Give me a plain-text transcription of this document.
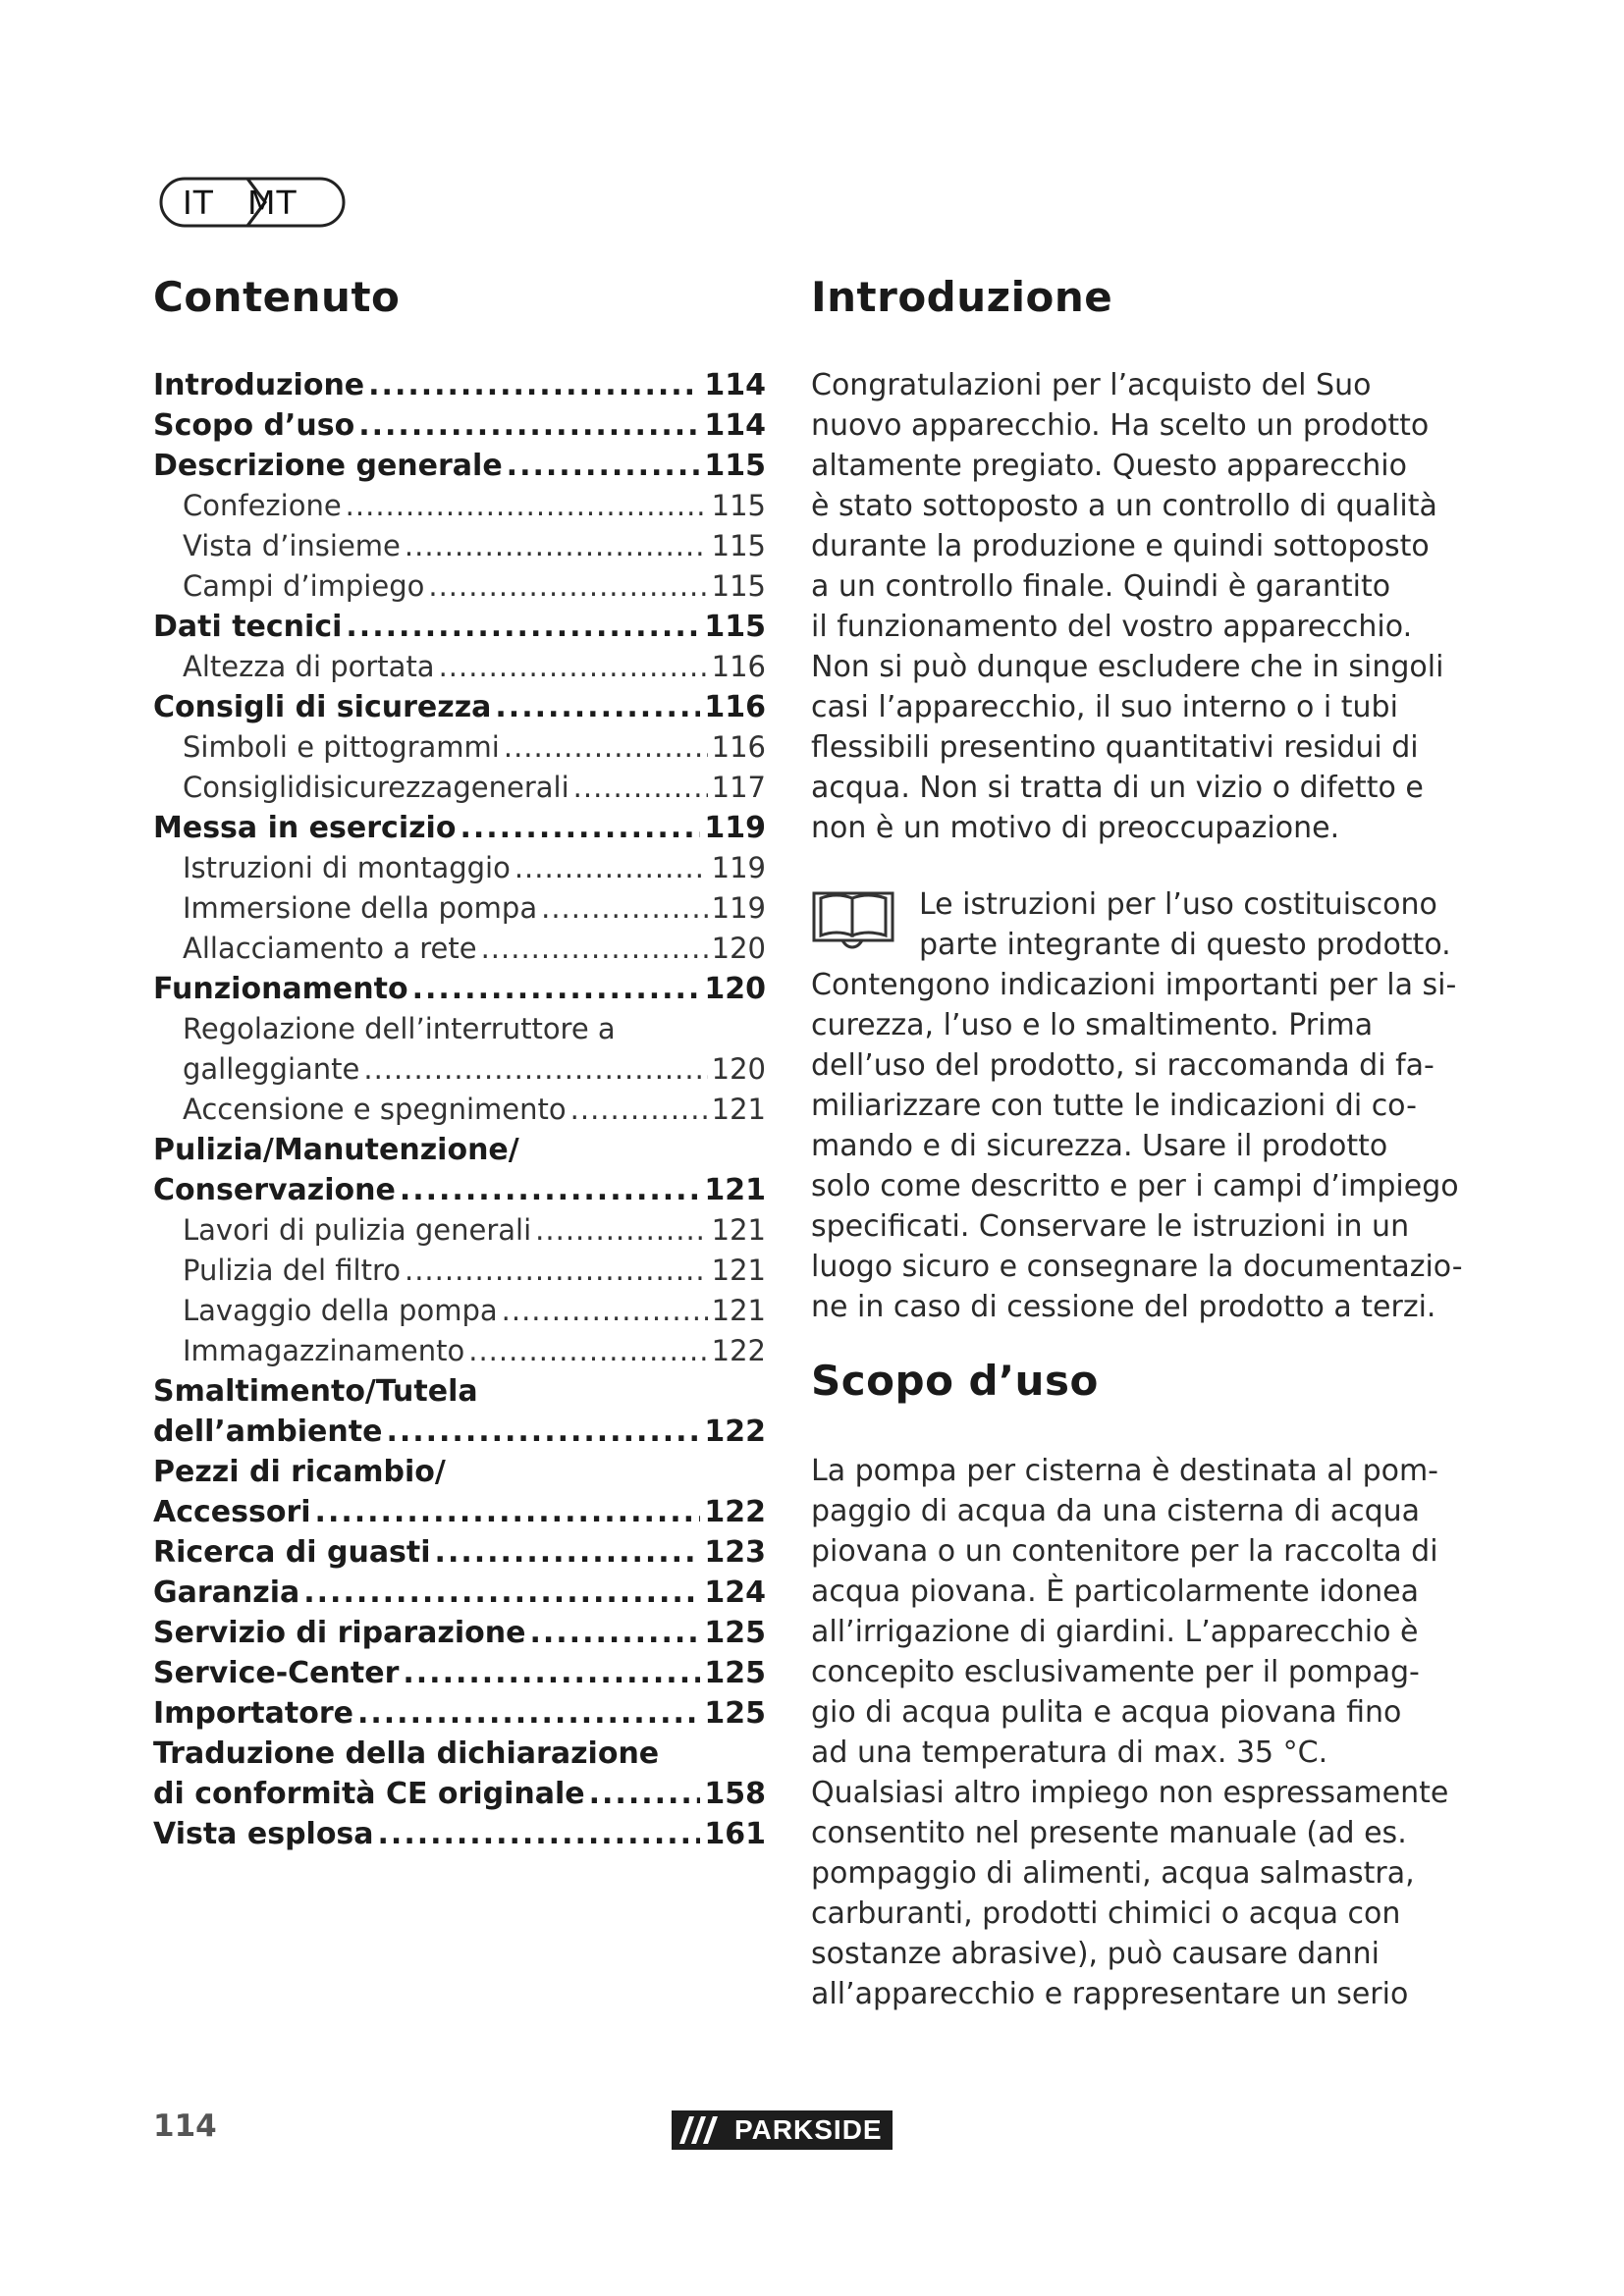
IT MT
Contenuto
Introduzione .....	114
Scopo d’uso .....	114
Descrizione generale .....	115
Confezione .....	115
Vista d’insieme .....	115
Campi d’impiego .....	115
Dati tecnici .....	115
Altezza di portata .....	116
Consigli di sicurezza .....	116
Simboli e pittogrammi .....	116
Consiglidisicurezzagenerali .....	117
Messa in esercizio .....	119
Istruzioni di montaggio .....	119
Immersione della pompa .....	119
Allacciamento a rete .....	120
Funzionamento .....	120
Regolazione dell’interruttore a
galleggiante .....	120
Accensione e spegnimento .....	121
Pulizia/Manutenzione/
Conservazione .....	121
Lavori di pulizia generali .....	121
Pulizia del filtro .....	121
Lavaggio della pompa .....	121
Immagazzinamento .....	122
Smaltimento/Tutela
dell’ambiente .....	122
Pezzi di ricambio/
Accessori .....	122
Ricerca di guasti .....	123
Garanzia .....	124
Servizio di riparazione .....	125
Service-Center .....	125
Importatore .....	125
Traduzione della dichiarazione
di conformità CE originale .....	158
Vista esplosa .....	161
Introduzione

Congratulazioni per l’acquisto del Suo
nuovo apparecchio. Ha scelto un prodotto
altamente pregiato. Questo apparecchio
è stato sottoposto a un controllo di qualità
durante la produzione e quindi sottoposto
a un controllo finale. Quindi è garantito
il funzionamento del vostro apparecchio.
Non si può dunque escludere che in singoli
casi l’apparecchio, il suo interno o i tubi
flessibili presentino quantitativi residui di
acqua. Non si tratta di un vizio o difetto e
non è un motivo di preoccupazione.

Le istruzioni per l’uso costituiscono
parte integrante di questo prodotto.
Contengono indicazioni importanti per la si-
curezza, l’uso e lo smaltimento. Prima
dell’uso del prodotto, si raccomanda di fa-
miliarizzare con tutte le indicazioni di co-
mando e di sicurezza. Usare il prodotto
solo come descritto e per i campi d’impiego
specificati. Conservare le istruzioni in un
luogo sicuro e consegnare la documentazio-
ne in caso di cessione del prodotto a terzi.

Scopo d’uso

La pompa per cisterna è destinata al pom-
paggio di acqua da una cisterna di acqua
piovana o un contenitore per la raccolta di
acqua piovana. È particolarmente idonea
all’irrigazione di giardini. L’apparecchio è
concepito esclusivamente per il pompag-
gio di acqua pulita e acqua piovana fino
ad una temperatura di max. 35 °C.
Qualsiasi altro impiego non espressamente
consentito nel presente manuale (ad es.
pompaggio di alimenti, acqua salmastra,
carburanti, prodotti chimici o acqua con
sostanze abrasive), può causare danni
all’apparecchio e rappresentare un serio

114	PARKSIDE
